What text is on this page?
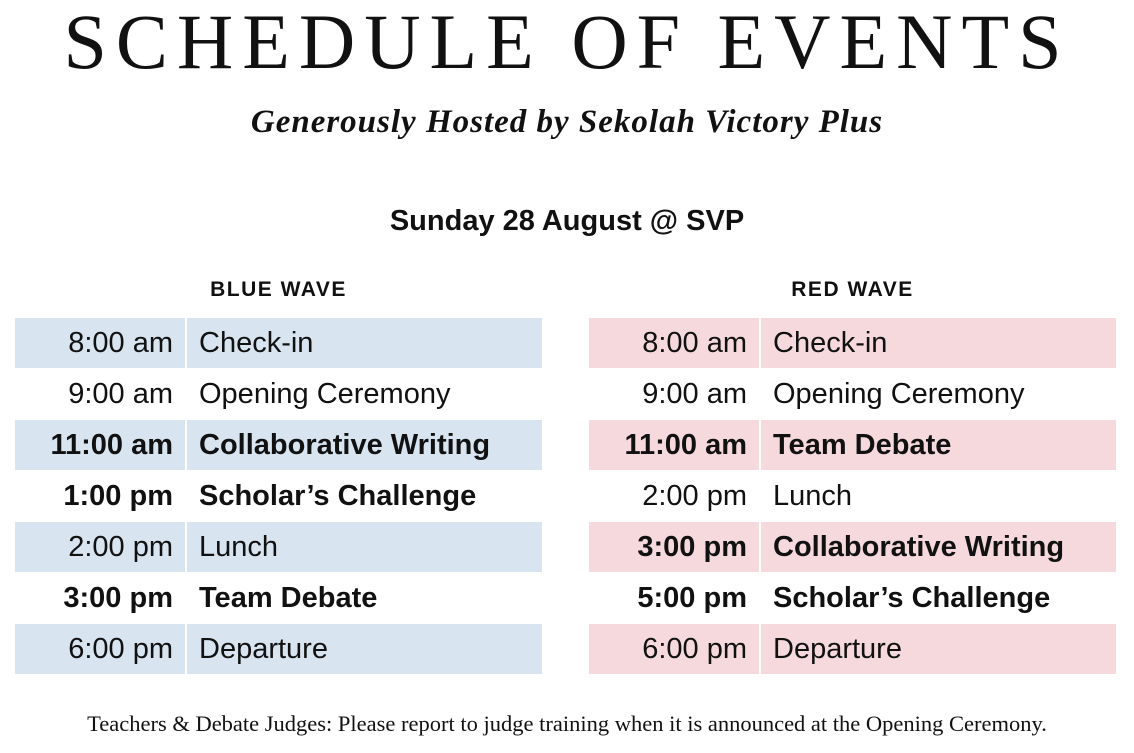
SCHEDULE OF EVENTS
Generously Hosted by Sekolah Victory Plus
Sunday 28 August @ SVP
BLUE WAVE
8:00 am Check-in
9:00 am Opening Ceremony
11:00 am Collaborative Writing
1:00 pm Scholar’s Challenge
2:00 pm Lunch
3:00 pm Team Debate
6:00 pm Departure
RED WAVE
8:00 am Check-in
9:00 am Opening Ceremony
11:00 am Team Debate
2:00 pm Lunch
3:00 pm Collaborative Writing
5:00 pm Scholar’s Challenge
6:00 pm Departure
Teachers & Debate Judges: Please report to judge training when it is announced at the Opening Ceremony.
